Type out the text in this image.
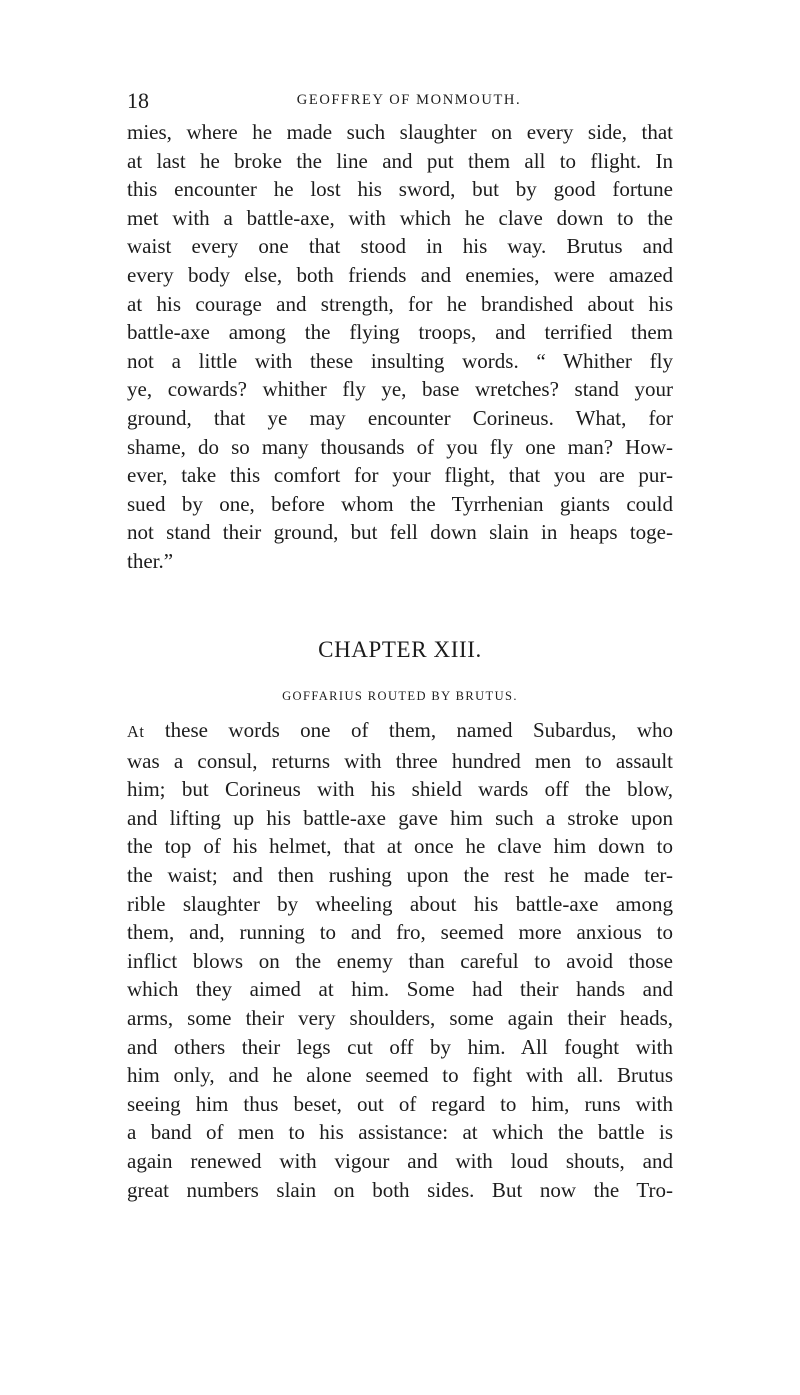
18	GEOFFREY OF MONMOUTH.
mies, where he made such slaughter on every side, that
at last he broke the line and put them all to flight. In
this encounter he lost his sword, but by good fortune
met with a battle-axe, with which he clave down to the
waist every one that stood in his way. Brutus and
every body else, both friends and enemies, were amazed
at his courage and strength, for he brandished about his
battle-axe among the flying troops, and terrified them
not a little with these insulting words. “ Whither fly
ye, cowards? whither fly ye, base wretches? stand your
ground, that ye may encounter Corineus. What, for
shame, do so many thousands of you fly one man? How-
ever, take this comfort for your flight, that you are pur-
sued by one, before whom the Tyrrhenian giants could
not stand their ground, but fell down slain in heaps toge-
ther.”
CHAPTER XIII.
GOFFARIUS ROUTED BY BRUTUS.
At these words one of them, named Subardus, who
was a consul, returns with three hundred men to assault
him; but Corineus with his shield wards off the blow,
and lifting up his battle-axe gave him such a stroke upon
the top of his helmet, that at once he clave him down to
the waist; and then rushing upon the rest he made ter-
rible slaughter by wheeling about his battle-axe among
them, and, running to and fro, seemed more anxious to
inflict blows on the enemy than careful to avoid those
which they aimed at him. Some had their hands and
arms, some their very shoulders, some again their heads,
and others their legs cut off by him. All fought with
him only, and he alone seemed to fight with all. Brutus
seeing him thus beset, out of regard to him, runs with
a band of men to his assistance: at which the battle is
again renewed with vigour and with loud shouts, and
great numbers slain on both sides. But now the Tro-
